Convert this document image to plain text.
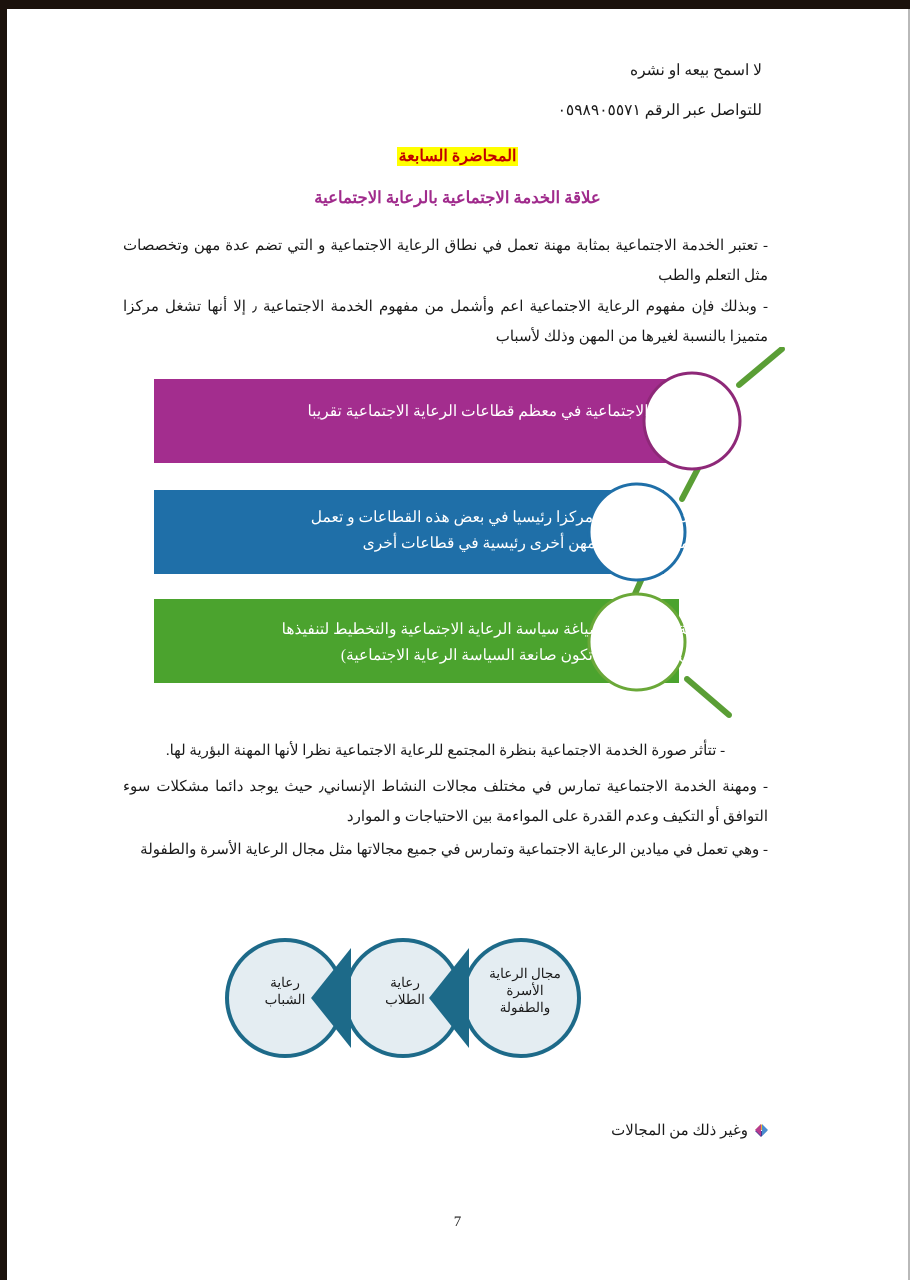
لا اسمح بيعه او نشره
للتواصل عبر الرقم ٠٥٩٨٩٠٥٥٧١
المحاضرة السابعة
علاقة الخدمة الاجتماعية بالرعاية الاجتماعية
- تعتبر الخدمة الاجتماعية بمثابة مهنة تعمل في نطاق الرعاية الاجتماعية و التي تضم عدة مهن وتخصصات مثل التعلم والطب
- وبذلك فإن مفهوم الرعاية الاجتماعية اعم وأشمل من مفهوم الخدمة الاجتماعية ٫ إلا أنها تشغل مركزا متميزا بالنسبة لغيرها من المهن وذلك لأسباب
تعمل الخدمة الاجتماعية في معظم قطاعات الرعاية الاجتماعية تقريبا
تشغل الخدمة الاجتماعية مركزا رئيسيا في بعض هذه القطاعات و تعمل كمهنة مساعدة لمهن أخرى رئيسية في قطاعات أخرى
تعمل الخدمة الاجتماعية لصياغة سياسة الرعاية الاجتماعية والتخطيط لتنفيذها في بعض الأحيان تكون صانعة السياسة الرعاية الاجتماعية)
- تتأثر صورة الخدمة الاجتماعية بنظرة المجتمع للرعاية الاجتماعية نظرا لأنها المهنة البؤرية لها.
- ومهنة الخدمة الاجتماعية تمارس في مختلف مجالات النشاط الإنساني٫ حيث يوجد دائما مشكلات سوء التوافق أو التكيف وعدم القدرة على المواءمة بين الاحتياجات و الموارد
- وهي تعمل في ميادين الرعاية الاجتماعية وتمارس في جميع مجالاتها مثل مجال الرعاية الأسرة والطفولة
رعاية
الشباب
رعاية
الطلاب
مجال الرعاية
الأسرة
والطفولة
وغير ذلك من المجالات
7
